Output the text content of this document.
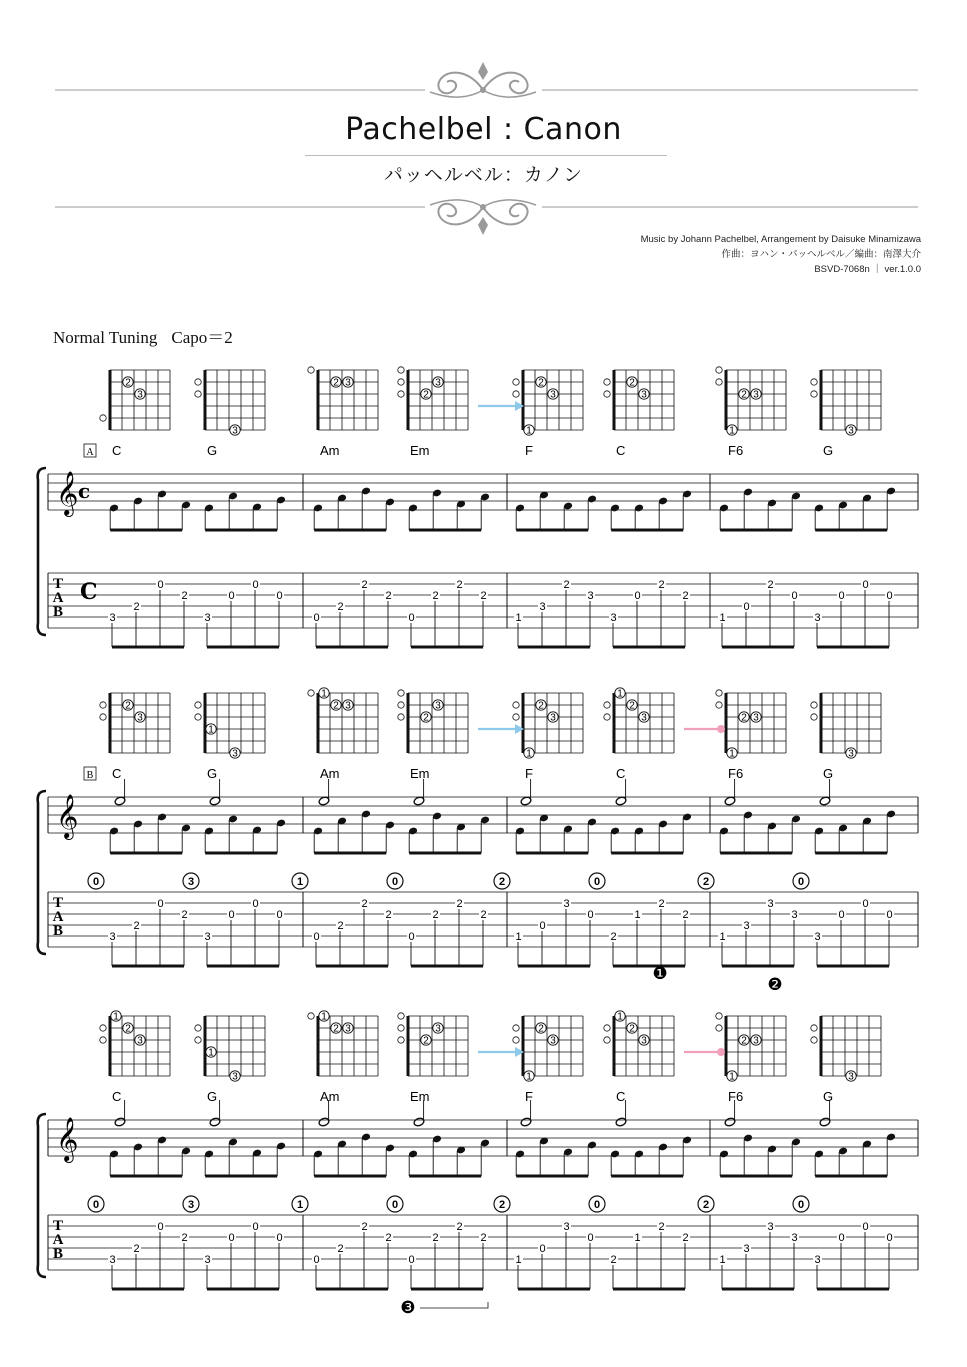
Pachelbel : Canon
パッヘルベル：カノン
Music by Johann Pachelbel, Arrangement by Daisuke Minamizawa
作曲：ヨハン・パッヘルベル／編曲：南澤大介
BSVD-7068n ｜ ver.1.0.0
Normal Tuning Capo＝2
2
3
3
2 3	3
2
1
2
3
2
3
1
2 3
3
A C	G	Am	Em	F	C	F6	G
𝄞 c
T
A
B
C
3
2
0
2
3
0
0
0
0
2
2
2
0
2
2
2
1
3
2
3
3
0
2
2
1
0
2
0
3
0
0
0
2
3
1
3
1
3
2	3
2
1
2
3
1
2
3
1
2 3
3
B C	G	Am	Em	F	C	F6	G
𝄞
T
A
B	3
2
0
2
3
0
0
0
0
2
2
2
0
2
2
2
1
0
3
0
2
1
2
2
1
3
3
3
3
0
0
0
0	3	1	0	2	0	2	0
❶
❷
1
2
3
1
3
1
3
2	3
2
1
2
3
1
2
3
1
2 3
3
C	G	Am	Em	F	C	F6	G
𝄞
T
A
B	3
2
0
2
3
0
0
0
0
2
2
2
0
2
2
2
1
0
3
0
2
1
2
2
1
3
3
3
3
0
0
0
0	3	1	0	2	0	2	0
❸
